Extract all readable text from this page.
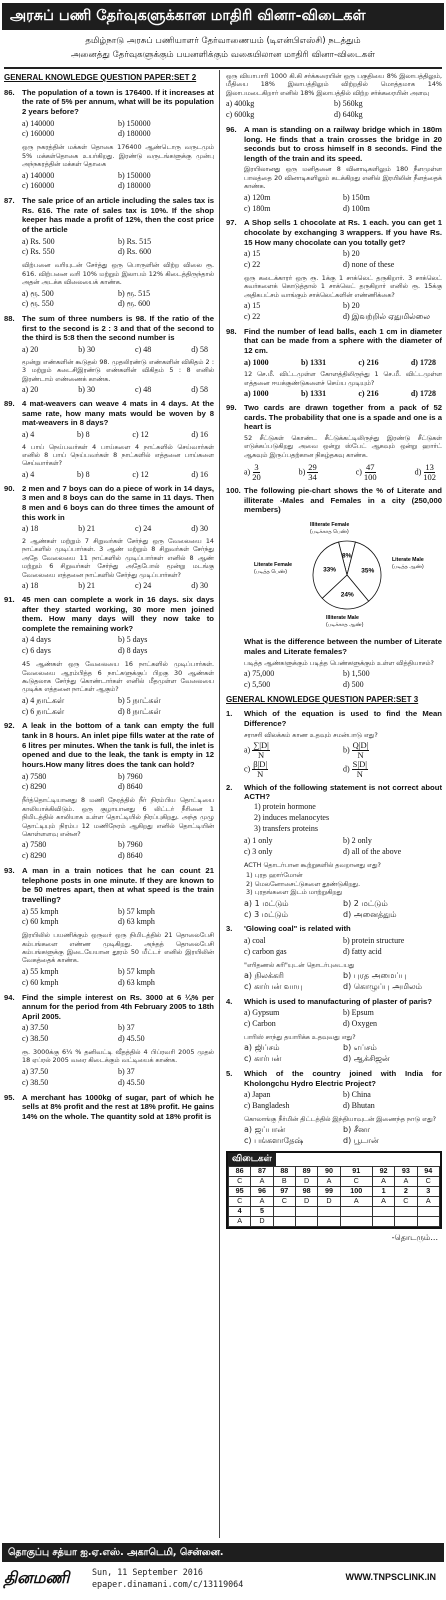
அரசுப் பணி தேர்வுகளுக்கான மாதிரி வினா-விடைகள்
தமிழ்நாடு அரசுப் பணியாளர் தேர்வாணையம் (டிஎன்பிஎஸ்சி) நடத்தும்
அனைத்து தேர்வுகளுக்கும் பயனளிக்கும் வகையிலான மாதிரி வினா-விடைகள்
GENERAL KNOWLEDGE QUESTION PAPER:SET 2
86. The population of a town is 176400. If it increases at the rate of 5% per annum, what will be its population 2 years before?
a) 140000	b) 150000
c) 160000	d) 180000
ஒரு நகரத்தின் மக்கள் தொகை 176400 ஆண்டொரு வருடமும் 5% மக்கள்தொகை உயர்கிறது. இரண்டு வருடங்களுக்கு முன்பு அந்நகரத்தின் மக்கள் தொகை
a) 140000	b) 150000
c) 160000	d) 180000
87. The sale price of an article including the sales tax is Rs. 616. The rate of sales tax is 10%. If the shop keeper has made a profit of 12%, then the cost price of the article
a) Rs. 500	b) Rs. 515
c) Rs. 550	d) Rs. 600
விற்பனை வரியுடன் சேர்த்து ஒரு பொருளின் விற்ற விலை ரூ. 616. விற்பனை வரி 10% மற்றும் இலாபம் 12% கிடைத்திருந்தால் அதன் அடக்க விலையைக் காண்க.
a) ரூ. 500	b) ரூ. 515
c) ரூ. 550	d) ரூ. 600
88. The sum of three numbers is 98. If the ratio of the first to the second is 2 : 3 and that of the second to the third is 5:8 then the second number is
a) 20	b) 30	c) 48	d) 58
மூன்று எண்களின் கூடுதல் 98. முதலிரண்டு எண்களின் விகிதம் 2 : 3 மற்றும் கடைசிஇரண்டு எண்களின் விகிதம் 5 : 8 எனில் இரண்டாம் எண்ணைக் காண்க.
a) 20	b) 30	c) 48	d) 58
89. 4 mat-weavers can weave 4 mats in 4 days. At the same rate, how many mats would be woven by 8 mat-weavers in 8 days?
a) 4	b) 8	c) 12	d) 16
4 பாய் நெய்பவர்கள் 4 பாய்களை 4 நாட்களில் செய்வார்கள் எனில் 8 பாய் நெய்பவர்கள் 8 நாட்களில் எத்தனை பாய்களை செய்வார்கள்?
a) 4	b) 8	c) 12	d) 16
90. 2 men and 7 boys can do a piece of work in 14 days, 3 men and 8 boys can do the same in 11 days. Then 8 men and 6 boys can do three times the amount of this work in
a) 18	b) 21	c) 24	d) 30
2 ஆண்கள் மற்றும் 7 சிறுவர்கள் சேர்ந்து ஒரு வேலையை 14 நாட்களில் முடிப்பார்கள். 3 ஆண் மற்றும் 8 சிறுவர்கள் சேர்ந்து அதே வேலையை 11 நாட்களில் முடிப்பார்கள் எனில் 8 ஆண் மற்றும் 6 சிறுவர்கள் சேர்ந்து அதேபோல் மூன்று மடங்கு வேலையை எத்தனை நாட்களில் சேர்ந்து முடிப்பார்கள்?
a) 18	b) 21	c) 24	d) 30
91. 45 men can complete a work in 16 days. six days after they started working, 30 more men joined them. How many days will they now take to complete the remaining work?
a) 4 days	b) 5 days
c) 6 days	d) 8 days
45 ஆண்கள் ஒரு வேலையை 16 நாட்களில் முடிப்பார்கள். வேலையை ஆரம்பித்த 6 நாட்களுக்குப் பிறகு 30 ஆண்கள் கூடுதலாக சேர்ந்து கொண்டார்கள் எனில் மீதமுள்ள வேலையை முடிக்க எத்தனை நாட்கள் ஆகும்?
a) 4 நாட்கள்	b) 5 நாட்கள்
c) 6 நாட்கள்	d) 8 நாட்கள்
92. A leak in the bottom of a tank can empty the full tank in 8 hours. An inlet pipe fills water at the rate of 6 litres per minutes. When the tank is full, the inlet is opened and due to the leak, the tank is empty in 12 hours.How many litres does the tank can hold?
a) 7580	b) 7960
c) 8290	d) 8640
நீர்த்தொட்டியானது 8 மணி நேரத்தில் நீர் நிரம்பிய தொட்டியை காலியாக்கிவிடும். ஒரு குழாயானது 6 லிட்டர் நீரினை 1 நிமிடத்தில் காலியாக உள்ள தொட்டியில் நிரப்புகிறது. அந்த முழு தொட்டியும் நிரம்ப 12 மணிநேரம் ஆகிறது எனில் தொட்டியின் கொள்ளளவு என்ன?
a) 7580	b) 7960
c) 8290	d) 8640
93. A man in a train notices that he can count 21 telephone posts in one minute. If they are known to be 50 metres apart, then at what speed is the train travelling?
a) 55 kmph	b) 57 kmph
c) 60 kmph	d) 63 kmph
இரயிலில் பயணிக்கும் ஒருவர் ஒரு நிமிடத்தில் 21 தொலைபேசி கம்பங்களை எண்ண முடிகிறது. அந்தத் தொலைபேசி கம்பங்களுக்கு இடையேயான தூரம் 50 மீட்டர் எனில் இரயிலின் வேகத்தைக் காண்க.
a) 55 kmph	b) 57 kmph
c) 60 kmph	d) 63 kmph
94. Find the simple interest on Rs. 3000 at 6 ¼% per annum for the period from 4th February 2005 to 18th April 2005.
a) 37.50	b) 37
c) 38.50	d) 45.50
ரூ. 3000க்கு 6¼ % தனிவட்டி வீதத்தில் 4 பிப்ரவரி 2005 முதல் 18 ஏப்ரல் 2005 வரை கிடைக்கும் வட்டியைக் காண்க.
a) 37.50	b) 37
c) 38.50	d) 45.50
95. A merchant has 1000kg of sugar, part of which he sells at 8% profit and the rest at 18% profit. He gains 14% on the whole. The quantity sold at 18% profit is
ஒரு வியாபாரி 1000 கி.கி சர்க்கரையின் ஒரு பகுதியை 8% இலாபத்திலும், மீதியை 18% இலாபத்திலும் விற்றதில் மொத்தமாக 14% இலாபமடைகிறார் எனில் 18% இலாபத்தில் விற்ற சர்க்கரையின் அளவு
a) 400kg	b) 560kg
c) 600kg	d) 640kg
96. A man is standing on a railway bridge which in 180m long. He finds that a train crosses the bridge in 20 seconds but to cross himself in 8 seconds. Find the length of the train and its speed.
இரயிலானது ஒரு மனிதனை 8 வினாடிகளிலும் 180 நீளமுள்ள பாலத்தை 20 வினாடிகளிலும் கடக்கிறது எனில் இரயிலின் நீளத்தைக் காண்க.
a) 120m	b) 150m
c) 180m	d) 100m
97. A Shop sells 1 chocolate at Rs. 1 each. you can get 1 chocolate by exchanging 3 wrappers. If you have Rs. 15 How many chocolate can you totally get?
a) 15	b) 20
c) 22	d) none of these
ஒரு கடைக்காரர் ஒரு ரூ. 1க்கு 1 சாக்லெட் தருகிறார். 3 சாக்லெட் கவர்களைக் கொடுத்தால் 1 சாக்லெட் தருகிறார் எனில் ரூ. 15க்கு அதிகபட்சம் வாங்கும் சாக்லெட்களின் எண்ணிக்கை?
a) 15	b) 20
c) 22	d) இவற்றில் ஏதுமில்லை
98. Find the number of lead balls, each 1 cm in diameter that can be made from a sphere with the diameter of 12 cm.
a) 1000	b) 1331	c) 216	d) 1728
12 செ.மீ. விட்டமுள்ள கோளத்திலிருந்து 1 செ.மீ. விட்டமுள்ள எத்தனை ஈயக்குண்டுகளைச் செய்ய முடியும்?
a) 1000	b) 1331	c) 216	d) 1728
99. Two cards are drawn together from a pack of 52 cards. The probability that one is a spade and one is a heart is
52 சீட்டுகள் கொண்ட சீட்டுக்கட்டிலிருந்து இரண்டு சீட்டுகள் எடுக்கப்படுகிறது அவை ஒன்று ஸ்பேட் ஆகவும் ஒன்று ஹார்ட் ஆகவும் இருப்பதற்கான நிகழ்தகவு காண்க.
$a) \frac{3}{20}$	$b) \frac{29}{34}$	$c) \frac{47}{100}$	$d) \frac{13}{102}$
100. The following pie-chart shows the % of Literate and illiterate -Males and Females in a city (250,000 members)
Illiterate Female
(படிக்காத பெண்)
Literate Female
(படித்த பெண்)
Literate Male
(படித்த ஆண்)
Illiterate Male
(படிக்காத ஆண்)
8%
35%
24%
33%
What is the difference between the number of Literate males and Literate females?
படித்த ஆண்களுக்கும் படித்த பெண்களுக்கும் உள்ள வித்தியாசம்?
a) 75,000	b) 1,500
c) 5,500	d) 500
GENERAL KNOWLEDGE QUESTION PAPER:SET 3
1. Which of the equation is used to find the Mean Difference?
சராசரி விலக்கம் காண உதவும் சமன்பாடு எது?
$a) \frac{\sum|D|}{N}$	$b) \frac{Q|D|}{N}$
$c) \frac{\beta|D|}{N}$	$d) \frac{S|D|}{N}$
2. Which of the following statement is not correct about ACTH?
1) protein hormone
2) induces melanocytes
3) transfers proteins
a) 1 only	b) 2 only
c) 3 only	d) all of the above
ACTH தொடர்பான கூற்றுகளில் தவறானது எது?
1) புரத ஹார்மோன்
2) மெலனோசைட்டுகளை தூண்டுகிறது.
3) புரதங்களை இடம் மாற்றுகிறது
a) 1 மட்டும்	b) 2 மட்டும்
c) 3 மட்டும்	d) அனைத்தும்
3. 'Glowing coal" is related with
a) coal	b) protein structure
c) carbon gas	d) fatty acid
"எரிதணல் கரி"யுடன் தொடர்புடையது
a) நிலக்கரி	b) புரத அமைப்பு
c) கார்பன் வாயு	d) கொழுப்பு அமிலம்
4. Which is used to manufacturing of plaster of paris?
a) Gypsum	b) Epsum
c) Carbon	d) Oxygen
பாரிஸ் சாந்து தயாரிக்க உதவுவது எது?
a) ஜிப்சம்	b) எப்சம்
c) கார்பன்	d) ஆக்சிஜன்
5. Which of the country joined with India for Kholongchu Hydro Electric Project?
a) Japan	b) China
c) Bangladesh	d) Bhutan
கொலாங்கு நீர்மின் திட்டத்தில் இந்தியாவுடன் இணைந்த நாடு எது?
a) ஜப்பான்	b) சீனா
c) பங்களாதேஷ்	d) பூடான்
விடைகள்
86	87	88	89	90	91	92	93	94
C	A	B	D	A	C	A	A	C
95	96	97	98	99	100	1	2	3
C	A	C	D	D	A	A	C	A
4	5							
A	D							
-தொடரும்...
தொகுப்பு சத்யா ஐ.ஏ.எஸ். அகாடெமி, சென்னை.
தினமணி	Sun, 11 September 2016
epaper.dinamani.com/c/13119064
WWW.TNPSCLINK.IN
